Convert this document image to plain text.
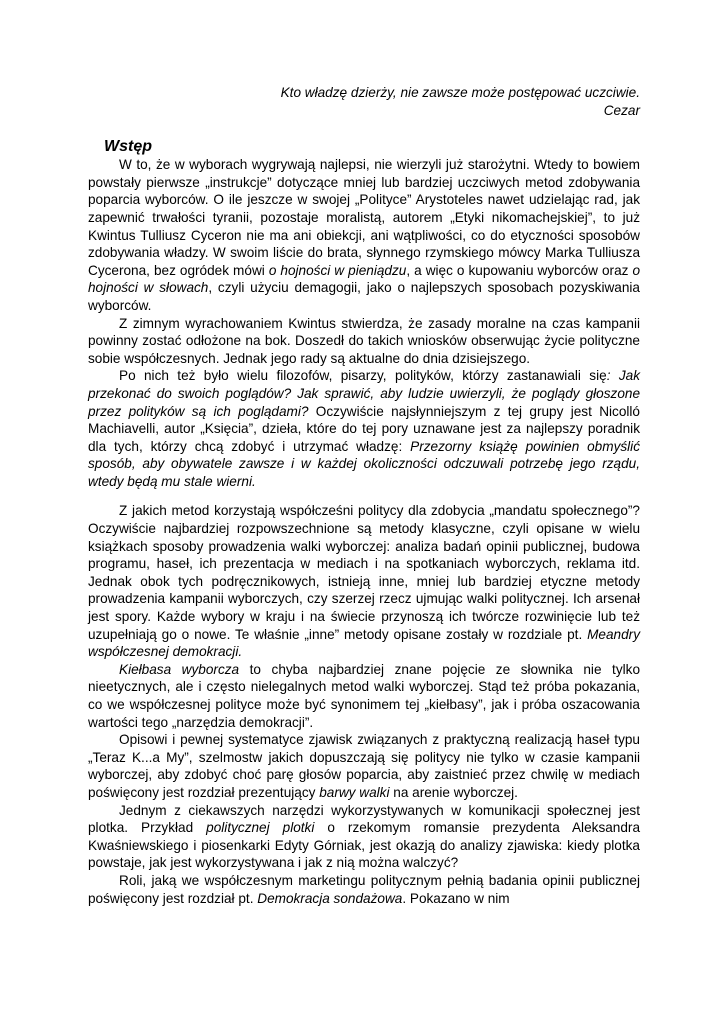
Kto władzę dzierży, nie zawsze może postępować uczciwie.
Cezar
Wstęp

W to, że w wyborach wygrywają najlepsi, nie wierzyli już starożytni. Wtedy to bowiem powstały pierwsze „instrukcje” dotyczące mniej lub bardziej uczciwych metod zdobywania poparcia wyborców. O ile jeszcze w swojej „Polityce” Arystoteles nawet udzielając rad, jak zapewnić trwałości tyranii, pozostaje moralistą, autorem „Etyki nikomachejskiej”, to już Kwintus Tulliusz Cyceron nie ma ani obiekcji, ani wątpliwości, co do etyczności sposobów zdobywania władzy. W swoim liście do brata, słynnego rzymskiego mówcy Marka Tulliusza Cycerona, bez ogródek mówi o hojności w pieniądzu, a więc o kupowaniu wyborców oraz o hojności w słowach, czyli użyciu demagogii, jako o najlepszych sposobach pozyskiwania wyborców.

Z zimnym wyrachowaniem Kwintus stwierdza, że zasady moralne na czas kampanii powinny zostać odłożone na bok. Doszedł do takich wniosków obserwując życie polityczne sobie współczesnych. Jednak jego rady są aktualne do dnia dzisiejszego.

Po nich też było wielu filozofów, pisarzy, polityków, którzy zastanawiali się: Jak przekonać do swoich poglądów? Jak sprawić, aby ludzie uwierzyli, że poglądy głoszone przez polityków są ich poglądami? Oczywiście najsłynniejszym z tej grupy jest Nicolló Machiavelli, autor „Księcia”, dzieła, które do tej pory uznawane jest za najlepszy poradnik dla tych, którzy chcą zdobyć i utrzymać władzę: Przezorny książę powinien obmyślić sposób, aby obywatele zawsze i w każdej okoliczności odczuwali potrzebę jego rządu, wtedy będą mu stale wierni.

Z jakich metod korzystają współcześni politycy dla zdobycia „mandatu społecznego”? Oczywiście najbardziej rozpowszechnione są metody klasyczne, czyli opisane w wielu książkach sposoby prowadzenia walki wyborczej: analiza badań opinii publicznej, budowa programu, haseł, ich prezentacja w mediach i na spotkaniach wyborczych, reklama itd. Jednak obok tych podręcznikowych, istnieją inne, mniej lub bardziej etyczne metody prowadzenia kampanii wyborczych, czy szerzej rzecz ujmując walki politycznej. Ich arsenał jest spory. Każde wybory w kraju i na świecie przynoszą ich twórcze rozwinięcie lub też uzupełniają go o nowe. Te właśnie „inne” metody opisane zostały w rozdziale pt. Meandry współczesnej demokracji.

Kiełbasa wyborcza to chyba najbardziej znane pojęcie ze słownika nie tylko nieetycznych, ale i często nielegalnych metod walki wyborczej. Stąd też próba pokazania, co we współczesnej polityce może być synonimem tej „kiełbasy”, jak i próba oszacowania wartości tego „narzędzia demokracji”.

Opisowi i pewnej systematyce zjawisk związanych z praktyczną realizacją haseł typu „Teraz K...a My”, szelmostw jakich dopuszczają się politycy nie tylko w czasie kampanii wyborczej, aby zdobyć choć parę głosów poparcia, aby zaistnieć przez chwilę w mediach poświęcony jest rozdział prezentujący barwy walki na arenie wyborczej.

Jednym z ciekawszych narzędzi wykorzystywanych w komunikacji społecznej jest plotka. Przykład politycznej plotki o rzekomym romansie prezydenta Aleksandra Kwaśniewskiego i piosenkarki Edyty Górniak, jest okazją do analizy zjawiska: kiedy plotka powstaje, jak jest wykorzystywana i jak z nią można walczyć?

Roli, jaką we współczesnym marketingu politycznym pełnią badania opinii publicznej poświęcony jest rozdział pt. Demokracja sondażowa. Pokazano w nim
